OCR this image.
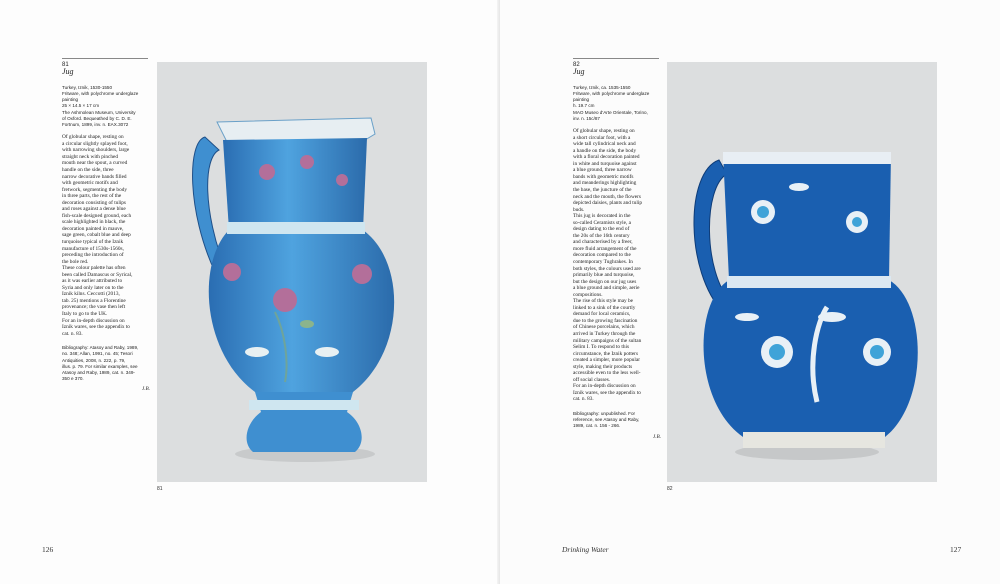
81
Jug
Turkey, Iznik, 1530-1550
Fritware, with polychrome underglaze
painting
25 × 14.5 × 17 cm
The Ashmolean Museum, University
of Oxford. Bequeathed by C. D. E.
Fortnum, 1899, inv. n. EAX.3072
Of globular shape, resting on
a circular slightly splayed foot,
with narrowing shoulders, large
straight neck with pinched
mouth near the spout, a curved
handle on the side, three
narrow decorative bands filled
with geometric motifs and
fretwork, segmenting the body
in three parts, the rest of the
decoration consisting of tulips
and roses against a dense blue
fish-scale designed ground, each
scale highlighted in black, the
decoration painted in mauve,
sage green, cobalt blue and deep
turquoise typical of the Iznik
manufacture of 1530s-1560s,
preceding the introduction of
the bole red.
These colour palette has often
been called Damascus or Syrical,
as it was earlier attributed to
Syria and only later on to the
Iznik kilns. Ceccotti (2013,
tab. 25) mentions a Florentine
provenance; the vase then left
Italy to go to the UK.
For an in-depth discussion on
Iznik wares, see the appendix to
cat. n. 83.
Bibliography: Atasoy and Raby, 1989,
no. 348; Allan, 1991, no. 45; Tesori
Antiquities, 2008, n. 222, p. 79,
illus. p. 79. For similar examples, see
Atasoy and Raby, 1989, cat. n. 349-
350 e 370.
J.B.
81
126
82
Jug
Turkey, Iznik, ca. 1535-1550
Fritware, with polychrome underglaze
painting
h. 19.7 cm
MAO Museo d'Arte Orientale, Torino,
inv. n. 15c/87
Of globular shape, resting on
a short circular foot, with a
wide tall cylindrical neck and
a handle on the side, the body
with a floral decoration painted
in white and turquoise against
a blue ground, three narrow
bands with geometric motifs
and meanderings highlighting
the base, the juncture of the
neck and the mouth, the flowers
depicted daisies, plants and tulip
buds.
This jug is decorated in the
so-called Ceramists style, a
design dating to the end of
the 20s of the 16th century
and characterised by a freer,
more fluid arrangement of the
decoration compared to the
contemporary Tughrakes. In
both styles, the colours used are
primarily blue and turquoise,
but the design on our jug uses
a blue ground and simple, aerie
compositions.
The rise of this style may be
linked to a sink of the courtly
demand for local ceramics,
due to the growing fascination
of Chinese porcelains, which
arrived in Turkey through the
military campaigns of the sultan
Selim I. To respond to this
circumstance, the Iznik potters
created a simpler, more popular
style, making their products
accessible even to the less well-
off social classes.
For an in-depth discussion on
Iznik wares, see the appendix to
cat. n. 83.
Bibliography: unpublished. For
reference, see Atasoy and Raby,
1989, cat. n. 156 - 266.
J.B.
82
Drinking Water	127
